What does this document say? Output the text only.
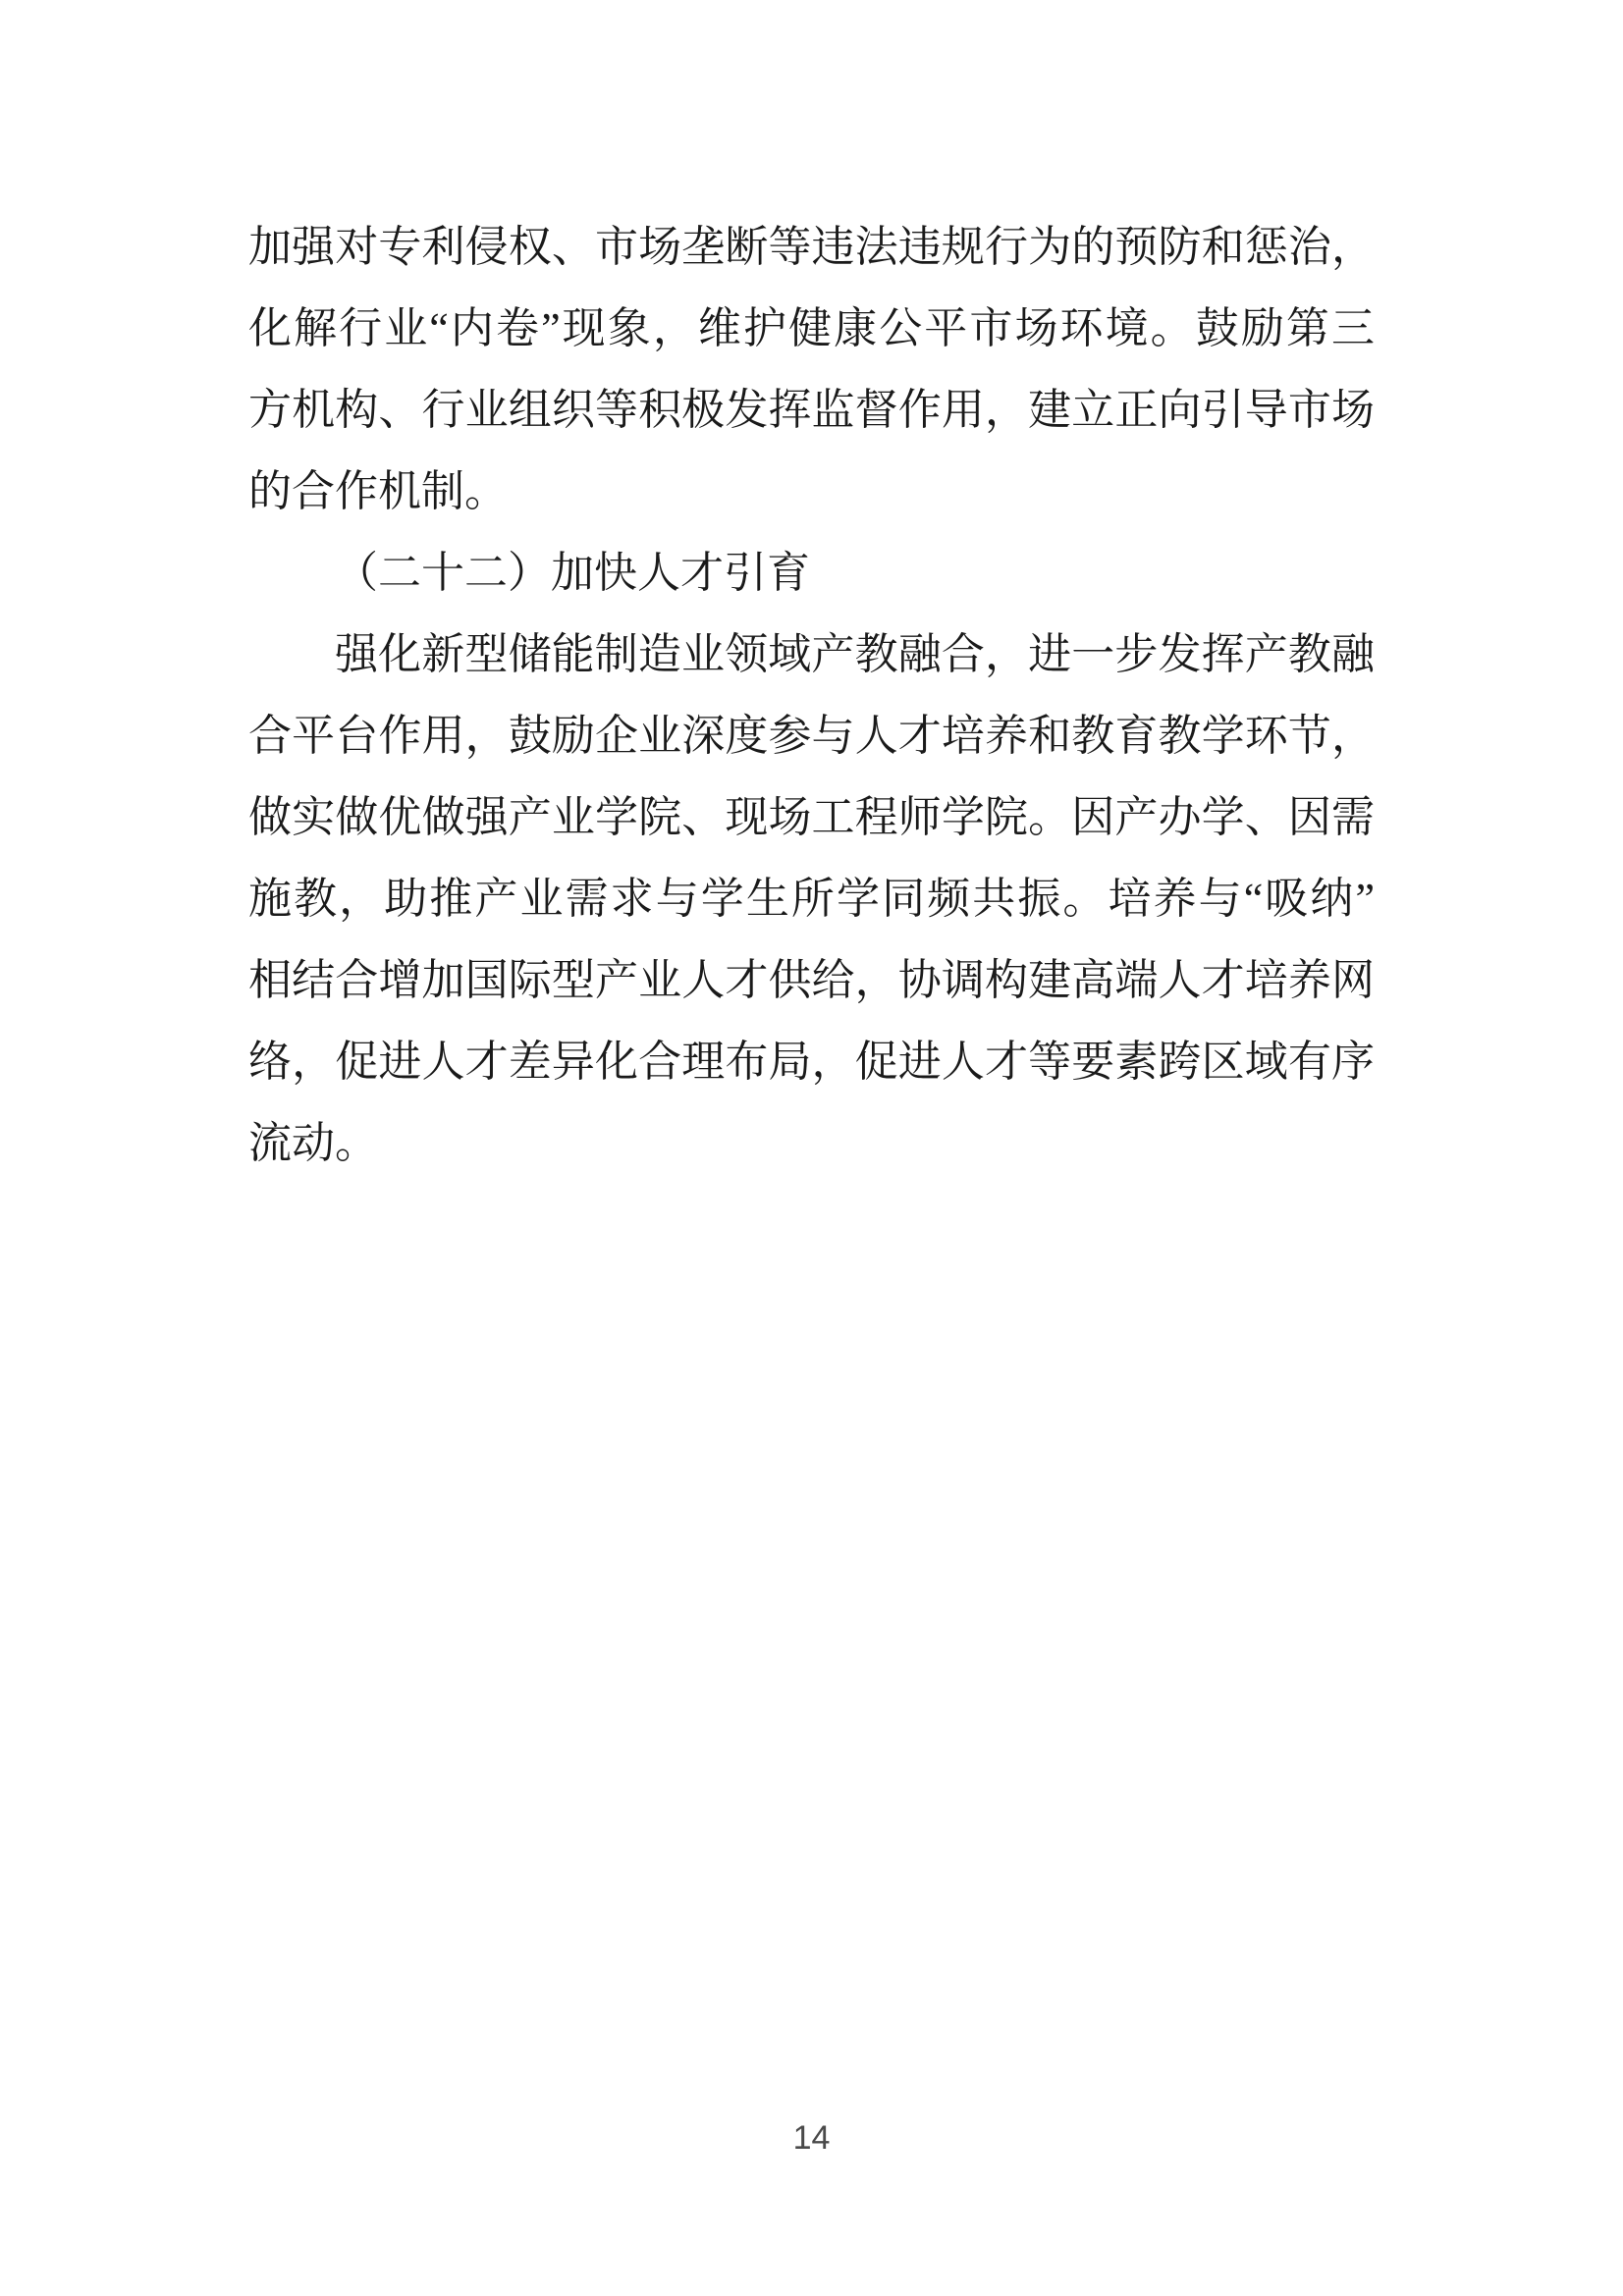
加强对专利侵权、市场垄断等违法违规行为的预防和惩治，
化解行业“内卷”现象，维护健康公平市场环境。鼓励第三
方机构、行业组织等积极发挥监督作用，建立正向引导市场
的合作机制。
（二十二）加快人才引育
强化新型储能制造业领域产教融合，进一步发挥产教融
合平台作用，鼓励企业深度参与人才培养和教育教学环节，
做实做优做强产业学院、现场工程师学院。因产办学、因需
施教，助推产业需求与学生所学同频共振。培养与“吸纳”
相结合增加国际型产业人才供给，协调构建高端人才培养网
络，促进人才差异化合理布局，促进人才等要素跨区域有序
流动。
14
